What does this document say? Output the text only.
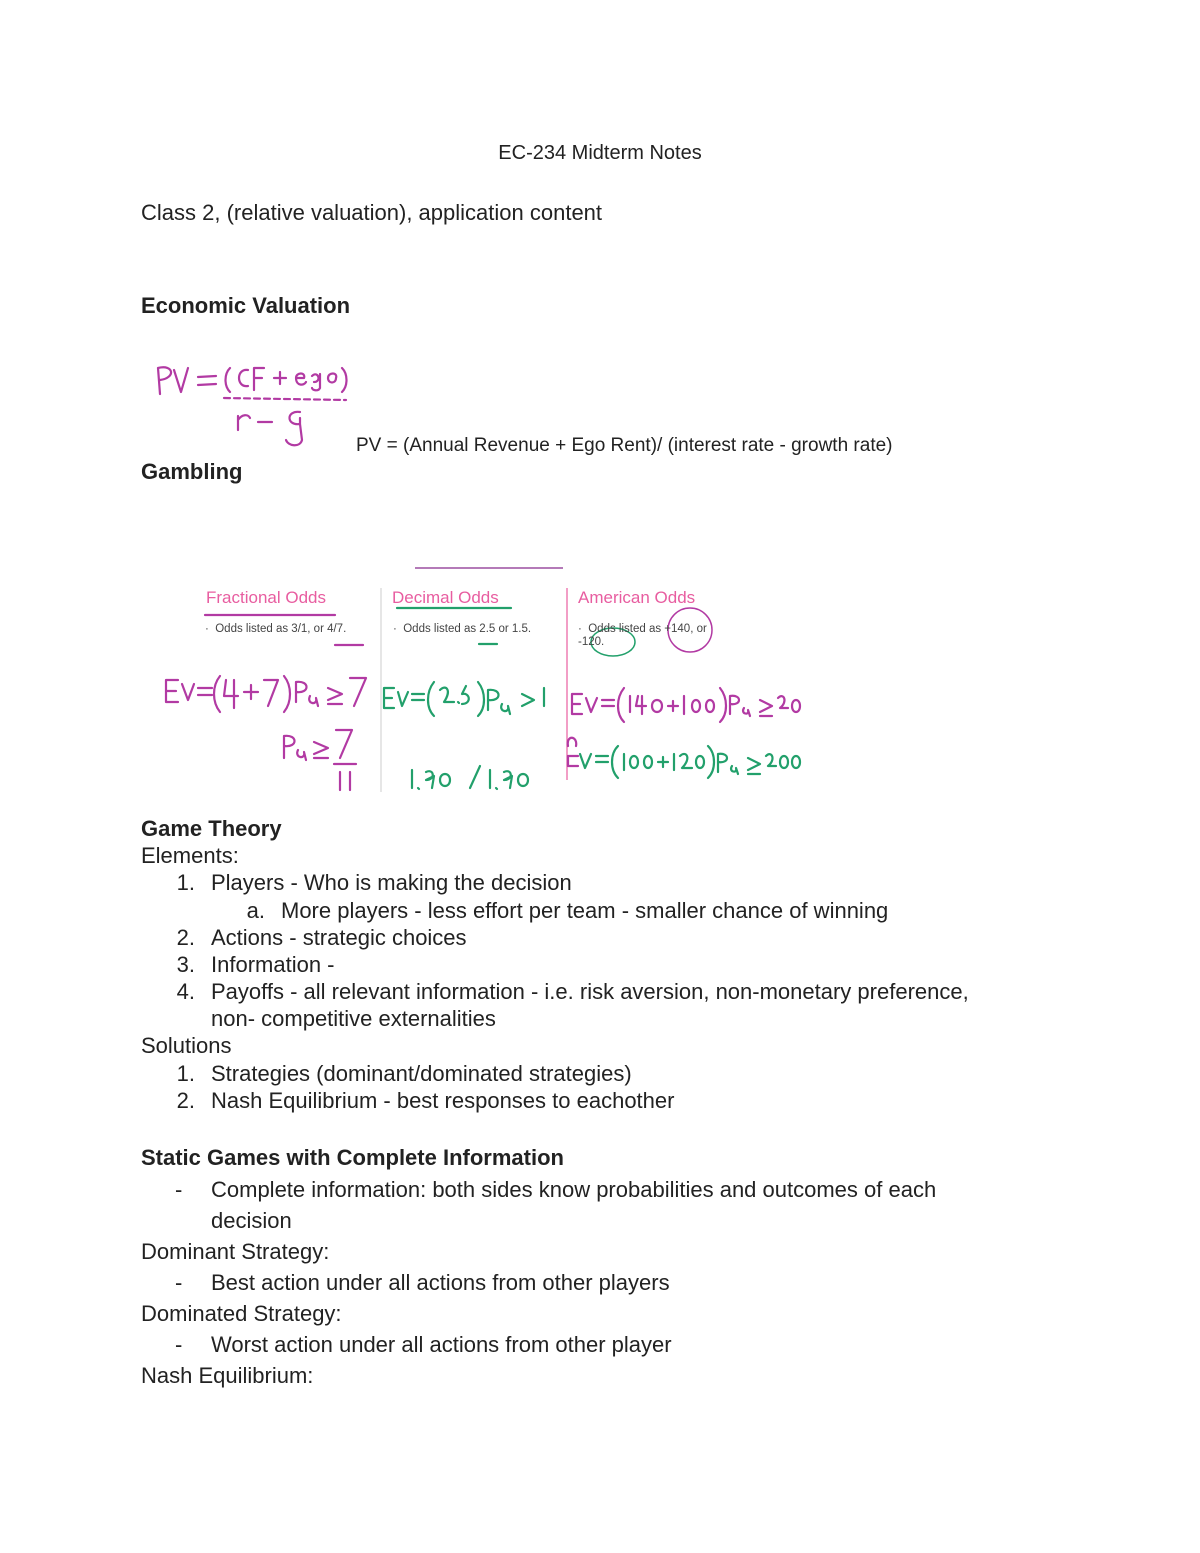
EC-234 Midterm Notes
Class 2, (relative valuation), application content
Economic Valuation
PV = (Annual Revenue + Ego Rent)/ (interest rate - growth rate)
Gambling
Fractional Odds
·  Odds listed as 3/1, or 4/7.
Decimal Odds
·  Odds listed as 2.5 or 1.5.
American Odds
·  Odds listed as +140, or -120.
Game Theory
Elements:
1. Players - Who is making the decision
a. More players - less effort per team - smaller chance of winning
2. Actions - strategic choices
3. Information -
4. Payoffs - all relevant information - i.e. risk aversion, non-monetary preference,
non- competitive externalities
Solutions
1. Strategies (dominant/dominated strategies)
2. Nash Equilibrium - best responses to eachother
Static Games with Complete Information
- Complete information: both sides know probabilities and outcomes of each
decision
Dominant Strategy:
- Best action under all actions from other players
Dominated Strategy:
- Worst action under all actions from other player
Nash Equilibrium:
